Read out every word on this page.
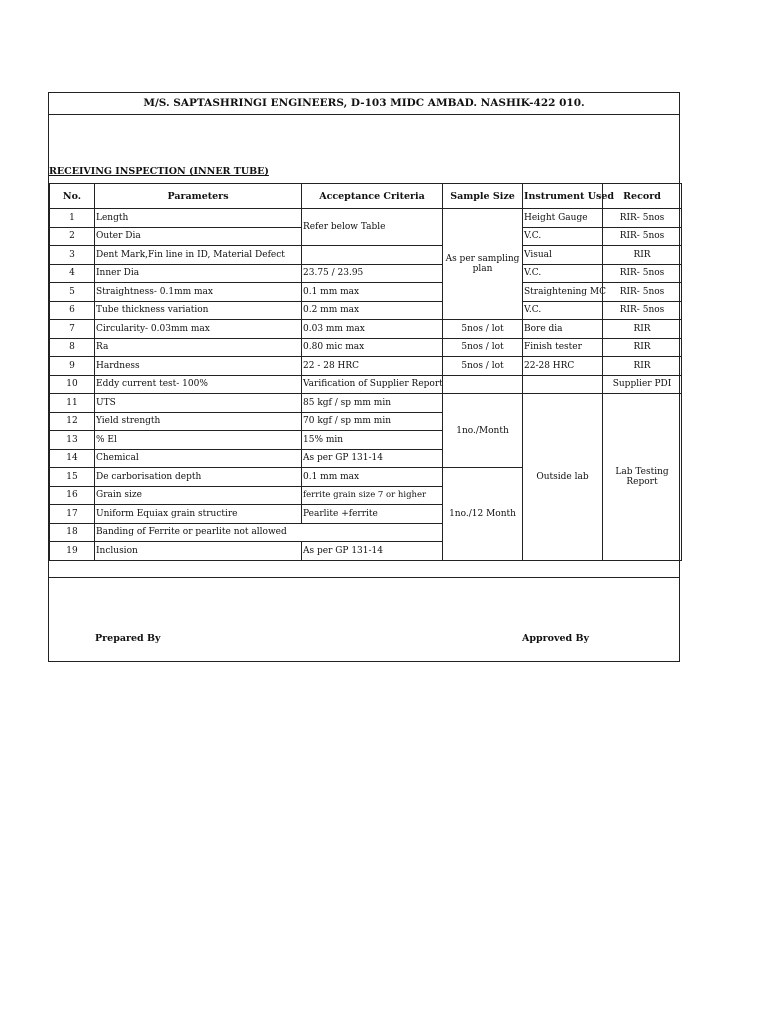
M/S. SAPTASHRINGI ENGINEERS, D-103 MIDC AMBAD. NASHIK-422 010.
RECEIVING INSPECTION (INNER TUBE)
No.	Parameters	Acceptance Criteria	Sample Size	Instrument Used	Record
1	Length	Refer below Table	As per sampling plan	Height Gauge	RIR- 5nos
2	Outer Dia			V.C.	RIR- 5nos
3	Dent Mark,Fin line in ID, Material Defect			Visual	RIR
4	Inner Dia	23.75 / 23.95		V.C.	RIR- 5nos
5	Straightness- 0.1mm max	0.1 mm max		Straightening MC	RIR- 5nos
6	Tube thickness variation	0.2 mm max		V.C.	RIR- 5nos
7	Circularity- 0.03mm max	0.03 mm max	5nos / lot	Bore dia	RIR
8	Ra	0.80 mic max	5nos / lot	Finish tester	RIR
9	Hardness	22 - 28 HRC	5nos / lot	22-28 HRC	RIR
10	Eddy current test- 100%	Varification of Supplier Report			Supplier PDI
11	UTS	85 kgf / sp mm min	1no./Month	Outside lab	Lab Testing Report
12	Yield strength	70 kgf / sp mm min			
13	% El	15% min			
14	Chemical	As per GP 131-14			
15	De carborisation depth	0.1 mm max	1no./12 Month		
16	Grain size	ferrite grain size 7 or higher			
17	Uniform Equiax grain structire	Pearlite +ferrite			
18	Banding of Ferrite or pearlite not allowed				
19	Inclusion	As per GP 131-14			
Prepared By	Approved By
